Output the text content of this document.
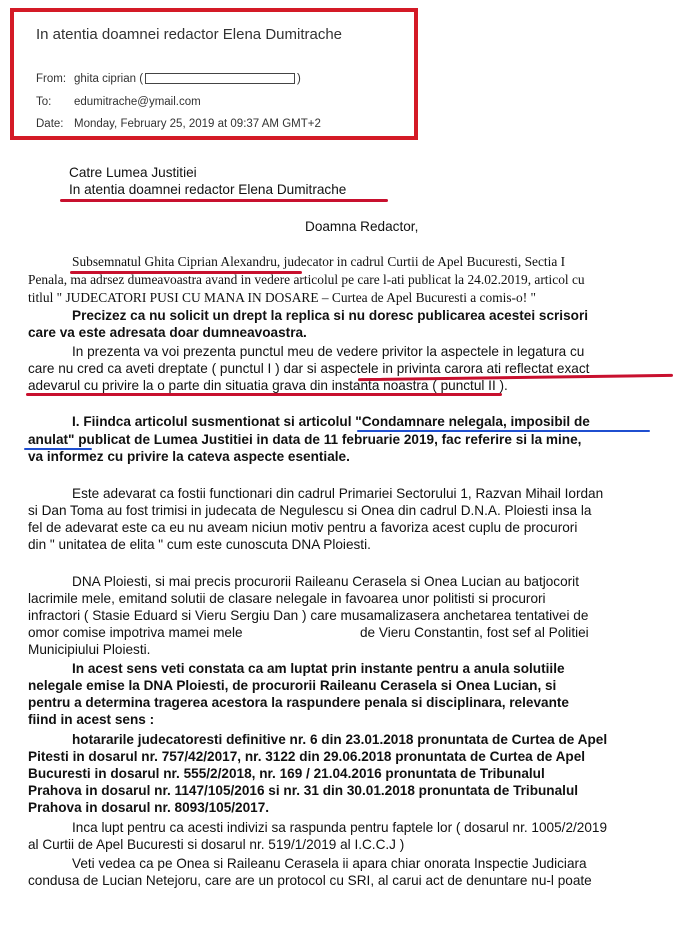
In atentia doamnei redactor Elena Dumitrache
From: ghita ciprian (	)
To: edumitrache@ymail.com
Date: Monday, February 25, 2019 at 09:37 AM GMT+2
Catre Lumea Justitiei
In atentia doamnei redactor Elena Dumitrache
Doamna Redactor,
Subsemnatul Ghita Ciprian Alexandru, judecator in cadrul Curtii de Apel Bucuresti, Sectia I
Penala, ma adrsez dumeavoastra avand in vedere articolul pe care l-ati publicat la 24.02.2019, articol cu
titlul " JUDECATORI PUSI CU MANA IN DOSARE – Curtea de Apel Bucuresti a comis-o! "
Precizez ca nu solicit un drept la replica si nu doresc publicarea acestei scrisori
care va este adresata doar dumneavoastra.
In prezenta va voi prezenta punctul meu de vedere privitor la aspectele in legatura cu
care nu cred ca aveti dreptate ( punctul I ) dar si aspectele in privinta carora ati reflectat exact
adevarul cu privire la o parte din situatia grava din instanta noastra ( punctul II ).
I. Fiindca articolul susmentionat si articolul "Condamnare nelegala, imposibil de
anulat" publicat de Lumea Justitiei in data de 11 februarie 2019, fac referire si la mine,
va informez cu privire la cateva aspecte esentiale.
Este adevarat ca fostii functionari din cadrul Primariei Sectorului 1, Razvan Mihail Iordan
si Dan Toma au fost trimisi in judecata de Negulescu si Onea din cadrul D.N.A. Ploiesti insa la
fel de adevarat este ca eu nu aveam niciun motiv pentru a favoriza acest cuplu de procurori
din " unitatea de elita " cum este cunoscuta DNA Ploiesti.
DNA Ploiesti, si mai precis procurorii Raileanu Cerasela si Onea Lucian au batjocorit
lacrimile mele, emitand solutii de clasare nelegale in favoarea unor politisti si procurori
infractori ( Stasie Eduard si Vieru Sergiu Dan ) care musamalizasera anchetarea tentativei de
omor comise impotriva mamei mele	de Vieru Constantin, fost sef al Politiei
Municipiului Ploiesti.
In acest sens veti constata ca am luptat prin instante pentru a anula solutiile
nelegale emise la DNA Ploiesti, de procurorii Raileanu Cerasela si Onea Lucian, si
pentru a determina tragerea acestora la raspundere penala si disciplinara, relevante
fiind in acest sens :
hotararile judecatoresti definitive nr. 6 din 23.01.2018 pronuntata de Curtea de Apel
Pitesti in dosarul nr. 757/42/2017, nr. 3122 din 29.06.2018 pronuntata de Curtea de Apel
Bucuresti in dosarul nr. 555/2/2018, nr. 169 / 21.04.2016 pronuntata de Tribunalul
Prahova in dosarul nr. 1147/105/2016 si nr. 31 din 30.01.2018 pronuntata de Tribunalul
Prahova in dosarul nr. 8093/105/2017.
Inca lupt pentru ca acesti indivizi sa raspunda pentru faptele lor ( dosarul nr. 1005/2/2019
al Curtii de Apel Bucuresti si dosarul nr. 519/1/2019 al I.C.C.J )
Veti vedea ca pe Onea si Raileanu Cerasela ii apara chiar onorata Inspectie Judiciara
condusa de Lucian Netejoru, care are un protocol cu SRI, al carui act de denuntare nu-l poate
